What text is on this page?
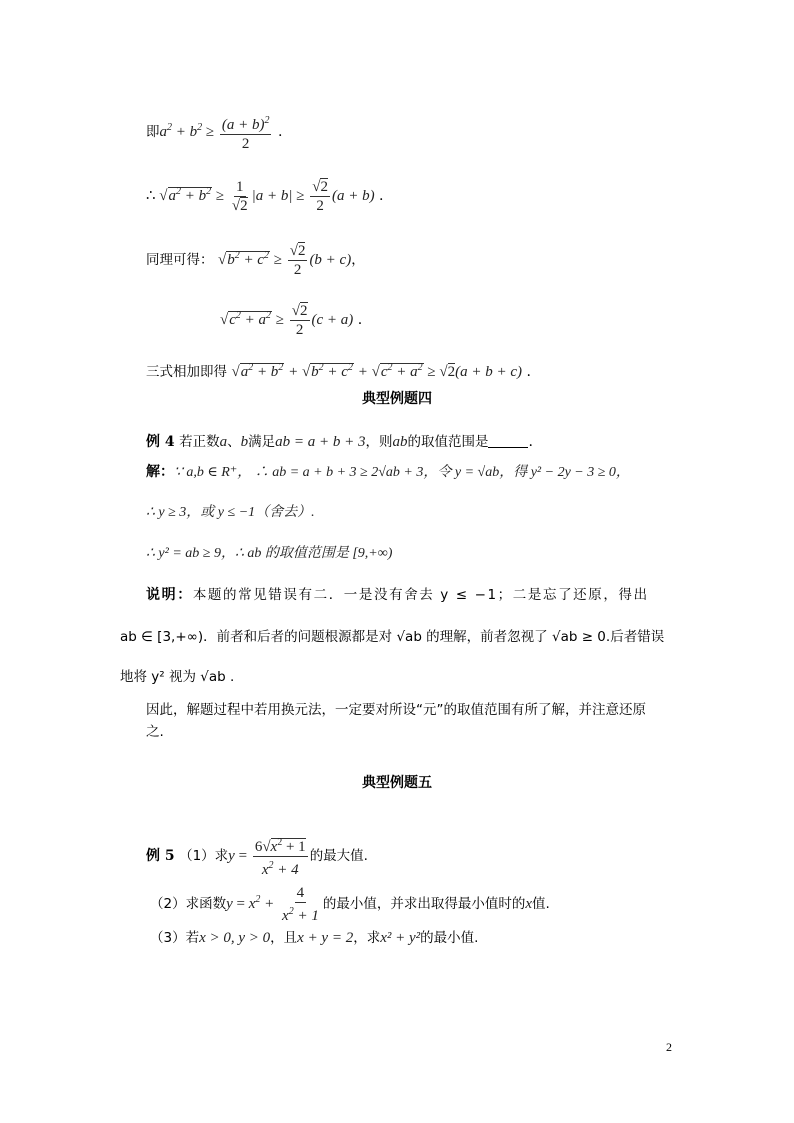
即$a^2 + b^2 \ge \frac{(a + b)^2}{2}$ .
∴ $√a^2 + b^2 \ge \frac{1}{√2} |a + b| \ge \frac{√2}{2} (a + b)$ .
同理可得： $√b^2 + c^2 \ge \frac{√2}{2} (b + c)$，
$√c^2 + a^2 \ge \frac{√2}{2} (c + a)$ .
三式相加即得 $√a^2 + b^2 + √b^2 + c^2 + √c^2 + a^2 \ge √2(a + b + c)$ .
典型例题四
例 4 若正数a、b满足ab = a + b + 3，则ab的取值范围是	.
解：∵ a,b ∈ R⁺， ∴ ab = a + b + 3 ≥ 2√ab + 3，令 y = √ab，得 y² − 2y − 3 ≥ 0，
∴ y ≥ 3，或 y ≤ −1（舍去）.
∴ y² = ab ≥ 9，∴ ab 的取值范围是 [9,+∞)
说明：本题的常见错误有二．一是没有舍去 y ≤ −1；二是忘了还原，得出
ab ∈ [3,+∞)．前者和后者的问题根源都是对 √ab 的理解，前者忽视了 √ab ≥ 0.后者错误
地将 y² 视为 √ab .
因此，解题过程中若用换元法，一定要对所设“元”的取值范围有所了解，并注意还原
之.
典型例题五
例 5 （1）求$y = \frac{6√x^2 + 1}{x^2 + 4}$ 的最大值.
（2）求函数$y = x^2 + \frac{4}{x^2 + 1}$ 的最小值，并求出取得最小值时的x值.
（3）若x > 0, y > 0，且x + y = 2，求x² + y²的最小值.
2
